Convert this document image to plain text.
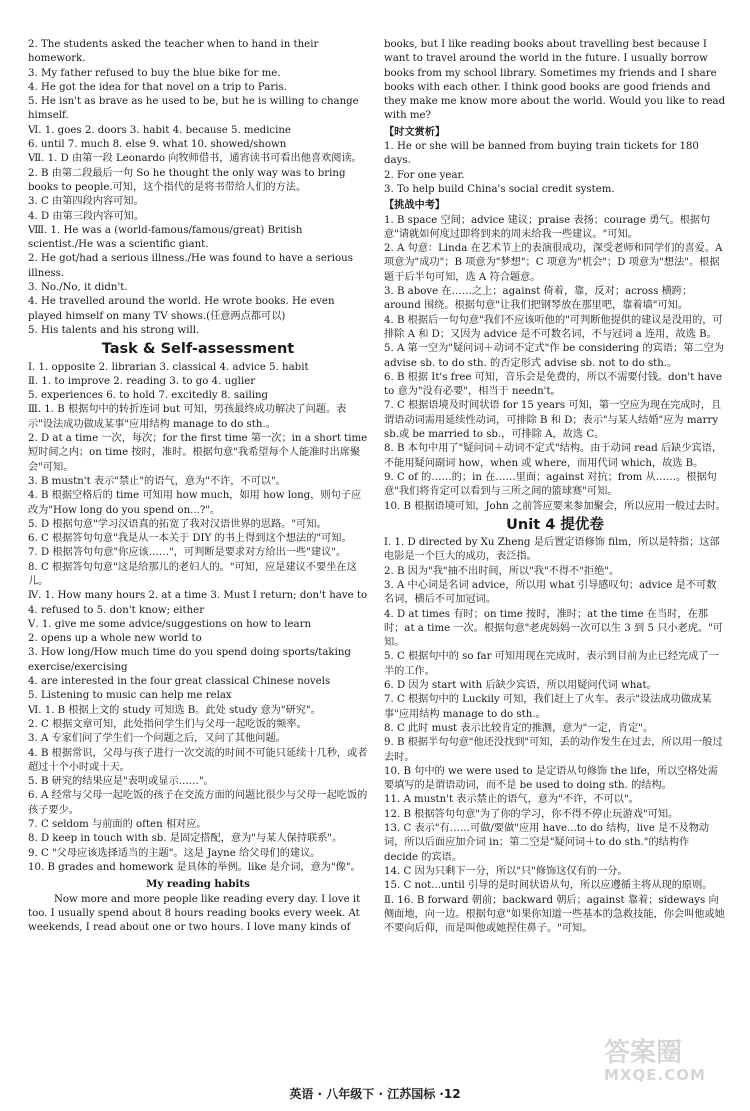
2. The students asked the teacher when to hand in their homework.

3. My father refused to buy the blue bike for me.

4. He got the idea for that novel on a trip to Paris.

5. He isn't as brave as he used to be, but he is willing to change himself.

Ⅵ. 1. goes 2. doors 3. habit 4. because 5. medicine

6. until 7. much 8. else 9. what 10. showed/shown

Ⅶ. 1. D 由第一段 Leonardo 向牧师借书，通宵读书可看出他喜欢阅读。

2. B 由第二段最后一句 So he thought the only way was to bring books to people.可知，这个指代的是将书带给人们的方法。

3. C 由第四段内容可知。

4. D 由第三段内容可知。

Ⅷ. 1. He was a (world-famous/famous/great) British scientist./He was a scientific giant.

2. He got/had a serious illness./He was found to have a serious illness.

3. No./No, it didn't.

4. He travelled around the world. He wrote books. He even played himself on many TV shows.(任意两点都可以)

5. His talents and his strong will.

Task & Self-assessment

Ⅰ. 1. opposite 2. librarian 3. classical 4. advice 5. habit

Ⅱ. 1. to improve 2. reading 3. to go 4. uglier

5. experiences 6. to hold 7. excitedly 8. sailing

Ⅲ. 1. B 根据句中的转折连词 but 可知，男孩最终成功解决了问题。表示"设法成功做成某事"应用结构 manage to do sth.。

2. D at a time 一次，每次；for the first time 第一次；in a short time 短时间之内；on time 按时，准时。根据句意"我希望每个人能准时出席聚会"可知。

3. B mustn't 表示"禁止"的语气，意为"不许，不可以"。

4. B 根据空格后的 time 可知用 how much，如用 how long，则句子应改为"How long do you spend on...?"。

5. D 根据句意"学习汉语真的拓宽了我对汉语世界的思路。"可知。

6. C 根据答句句意"我是从一本关于 DIY 的书上得到这个想法的"可知。

7. D 根据答句句意"你应该……"，可判断是要求对方给出一些"建议"。

8. C 根据答句句意"这是给那儿的老妇人的。"可知，应是建议不要坐在这儿。

Ⅳ. 1. How many hours 2. at a time 3. Must I return; don't have to 4. refused to 5. don't know; either

Ⅴ. 1. give me some advice/suggestions on how to learn

2. opens up a whole new world to

3. How long/How much time do you spend doing sports/taking exercise/exercising

4. are interested in the four great classical Chinese novels

5. Listening to music can help me relax

Ⅵ. 1. B 根据上文的 study 可知选 B。此处 study 意为"研究"。

2. C 根据文章可知，此处指问学生们与父母一起吃饭的频率。

3. A 专家们问了学生们一个问题之后，又问了其他问题。

4. B 根据常识，父母与孩子进行一次交流的时间不可能只延续十几秒，或者超过十个小时或十天。

5. B 研究的结果应是"表明或显示……"。

6. A 经常与父母一起吃饭的孩子在交流方面的问题比很少与父母一起吃饭的孩子要少。

7. C seldom 与前面的 often 相对应。

8. D keep in touch with sb. 是固定搭配，意为"与某人保持联系"。

9. C "父母应该选择适当的主题"。这是 Jayne 给父母们的建议。

10. B grades and homework 是具体的举例。like 是介词，意为"像"。

My reading habits

Now more and more people like reading every day. I love it too. I usually spend about 8 hours reading books every week. At weekends, I read about one or two hours. I love many kinds of

books, but I like reading books about travelling best because I want to travel around the world in the future. I usually borrow books from my school library. Sometimes my friends and I share books with each other. I think good books are good friends and they make me know more about the world. Would you like to read with me?

【时文赏析】

1. He or she will be banned from buying train tickets for 180 days.

2. For one year.

3. To help build China's social credit system.

【挑战中考】

1. B space 空间；advice 建议；praise 表扬；courage 勇气。根据句意"请就如何度过即将到来的周末给我一些建议。"可知。

2. A 句意：Linda 在艺术节上的表演很成功，深受老师和同学们的喜爱。A 项意为"成功"；B 项意为"梦想"；C 项意为"机会"；D 项意为"想法"。根据题干后半句可知，选 A 符合题意。

3. B above 在……之上；against 倚着，靠，反对；across 横跨；around 围绕。根据句意"让我们把钢琴放在那里吧，靠着墙"可知。

4. B 根据后一句句意"我们不应该听他的"可判断他提供的建议是没用的，可排除 A 和 D；又因为 advice 是不可数名词，不与冠词 a 连用，故选 B。

5. A 第一空为"疑问词＋动词不定式"作 be considering 的宾语；第二空为 advise sb. to do sth. 的否定形式 advise sb. not to do sth.。

6. B 根据 It's free 可知，音乐会是免费的，所以不需要付钱。don't have to 意为"没有必要"，相当于 needn't。

7. C 根据语境及时间状语 for 15 years 可知，第一空应为现在完成时，且谓语动词需用延续性动词，可排除 B 和 D；表示"与某人结婚"应为 marry sb.或 be married to sb.，可排除 A，故选 C。

8. B 本句中用了"疑问词＋动词不定式"结构。由于动词 read 后缺少宾语，不能用疑问副词 how，when 或 where，而用代词 which，故选 B。

9. C of 的……的；in 在……里面；against 对抗；from 从……。根据句意"我们将肯定可以看到与三所之间的篮球赛"可知。

10. B 根据语境可知，John 之前答应要来参加聚会，所以应用一般过去时。

Unit 4 提优卷

Ⅰ. 1. D directed by Xu Zheng 是后置定语修饰 film，所以是特指；这部电影是一个巨大的成功，表泛指。

2. B 因为"我"抽不出时间，所以"我"不得不"拒绝"。

3. A 中心词是名词 advice，所以用 what 引导感叹句；advice 是不可数名词，横后不可加冠词。

4. D at times 有时；on time 按时，准时；at the time 在当时，在那时；at a time 一次。根据句意"老虎妈妈一次可以生 3 到 5 只小老虎。"可知。

5. C 根据句中的 so far 可知用现在完成时，表示到目前为止已经完成了一半的工作。

6. D 因为 start with 后缺少宾语，所以用疑问代词 what。

7. C 根据句中的 Luckily 可知，我们赶上了火车。表示"设法成功做成某事"应用结构 manage to do sth.。

8. C 此时 must 表示比较肯定的推测，意为"一定，肯定"。

9. B 根据半句句意"他还没找到"可知，丢的动作发生在过去，所以用一般过去时。

10. B 句中的 we were used to 是定语从句修饰 the life，所以空格处需要填写的是谓语动词，而不是 be used to doing sth. 的结构。

11. A mustn't 表示禁止的语气，意为"不许，不可以"。

12. B 根据答句句意"为了你的学习，你不得不停止玩游戏"可知。

13. C 表示"有……可做/要做"应用 have...to do 结构，live 是不及物动词，所以后面应加介词 in；第二空是"疑问词＋to do sth."的结构作 decide 的宾语。

14. C 因为只剩下一分，所以"只"修饰这仅有的一分。

15. C not...until 引导的是时间状语从句，所以应遵循主将从现的原则。

Ⅱ. 16. B forward 朝前；backward 朝后；against 靠着；sideways 向侧面地，向一边。根据句意"如果你知道一些基本的急救技能，你会叫他或她不要向后仰，而是叫他或她捏住鼻子。"可知。

英语 · 八年级下 · 江苏国标 ·12
答案圈
MXQE.COM
